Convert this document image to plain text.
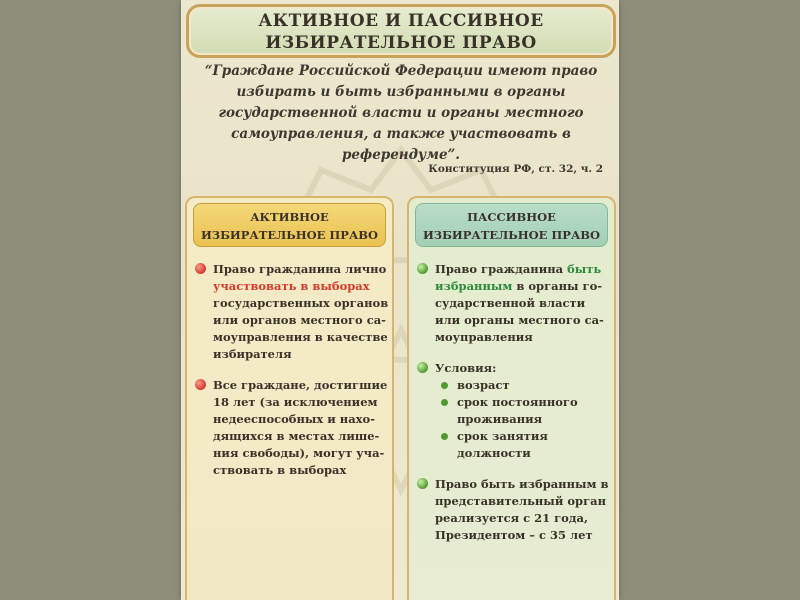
АКТИВНОЕ И ПАССИВНОЕ
ИЗБИРАТЕЛЬНОЕ ПРАВО
“Граждане Российской Федерации имеют право
избирать и быть избранными в органы
государственной власти и органы местного
самоуправления, а также участвовать в
референдуме”.
Конституция РФ, ст. 32, ч. 2
АКТИВНОЕ
ИЗБИРАТЕЛЬНОЕ ПРАВО
Право гражданина лично
участвовать в выборах
государственных органов
или органов местного са-
моуправления в качестве
избирателя
Все граждане, достигшие
18 лет (за исключением
недееспособных и нахо-
дящихся в местах лише-
ния свободы), могут уча-
ствовать в выборах
ПАССИВНОЕ
ИЗБИРАТЕЛЬНОЕ ПРАВО
Право гражданина быть
избранным в органы го-
сударственной власти
или органы местного са-
моуправления
Условия:
возраст
срок постоянного
проживания
срок занятия
должности
Право быть избранным в
представительный орган
реализуется с 21 года,
Президентом – с 35 лет
